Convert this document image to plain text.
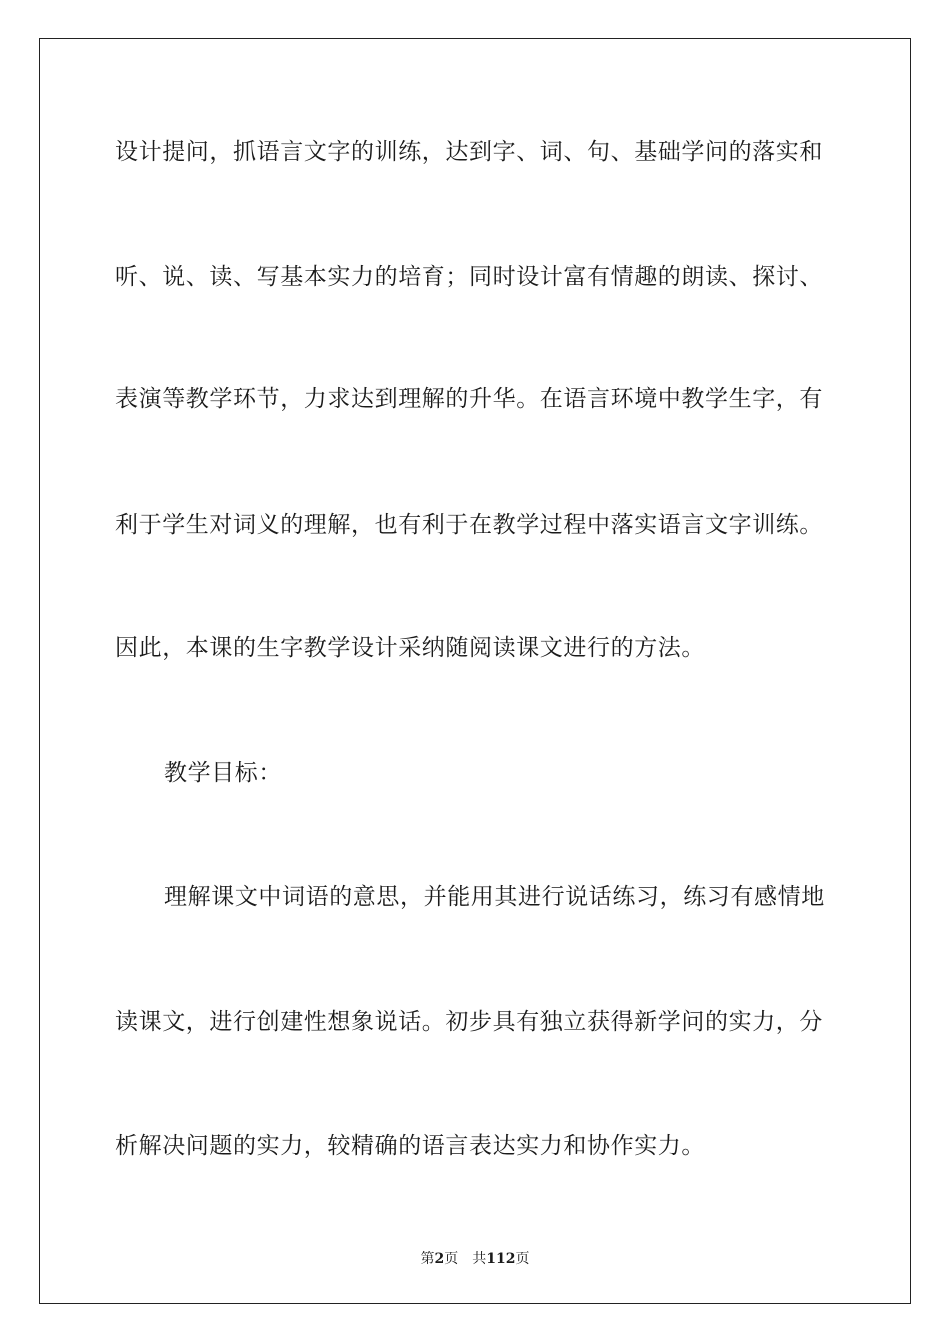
设计提问，抓语言文字的训练，达到字、词、句、基础学问的落实和
听、说、读、写基本实力的培育；同时设计富有情趣的朗读、探讨、
表演等教学环节，力求达到理解的升华。在语言环境中教学生字，有
利于学生对词义的理解，也有利于在教学过程中落实语言文字训练。
因此，本课的生字教学设计采纳随阅读课文进行的方法。
教学目标：
理解课文中词语的意思，并能用其进行说话练习，练习有感情地
读课文，进行创建性想象说话。初步具有独立获得新学问的实力，分
析解决问题的实力，较精确的语言表达实力和协作实力。
第2页 共112页
